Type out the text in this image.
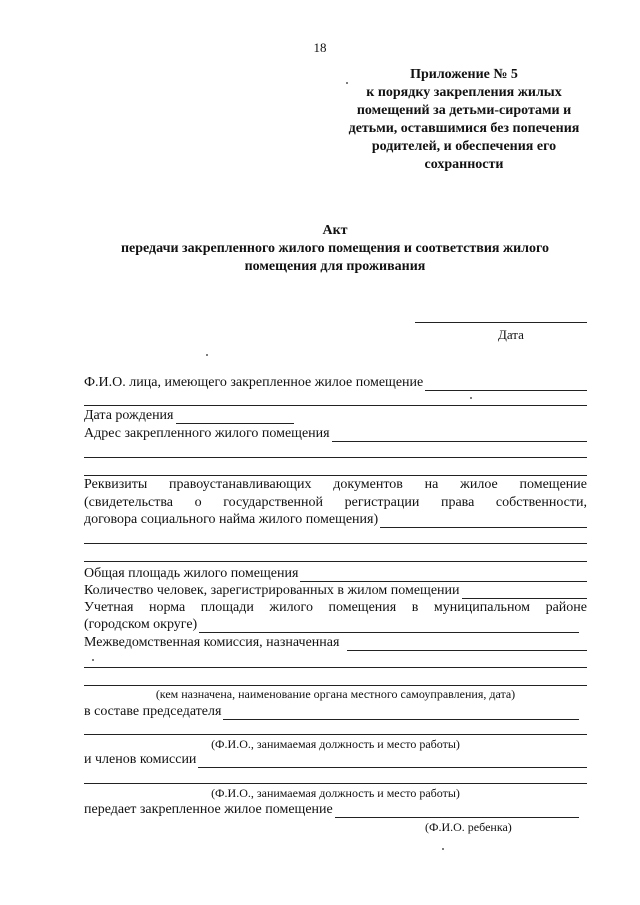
18
Приложение № 5
к порядку закрепления жилых
помещений за детьми-сиротами и
детьми, оставшимися без попечения
родителей, и обеспечения его
сохранности
Акт
передачи закрепленного жилого помещения и соответствия жилого
помещения для проживания
Дата
Ф.И.О. лица, имеющего закрепленное жилое помещение
Дата рождения
Адрес закрепленного жилого помещения
Реквизиты правоустанавливающих документов на жилое помещение
(свидетельства о государственной регистрации права собственности,
договора социального найма жилого помещения)
Общая площадь жилого помещения
Количество человек, зарегистрированных в жилом помещении
Учетная норма площади жилого помещения в муниципальном районе
(городском округе)
Межведомственная комиссия, назначенная
(кем назначена, наименование органа местного самоуправления, дата)
в составе председателя
(Ф.И.О., занимаемая должность и место работы)
и членов комиссии
(Ф.И.О., занимаемая должность и место работы)
передает закрепленное жилое помещение
(Ф.И.О. ребенка)
